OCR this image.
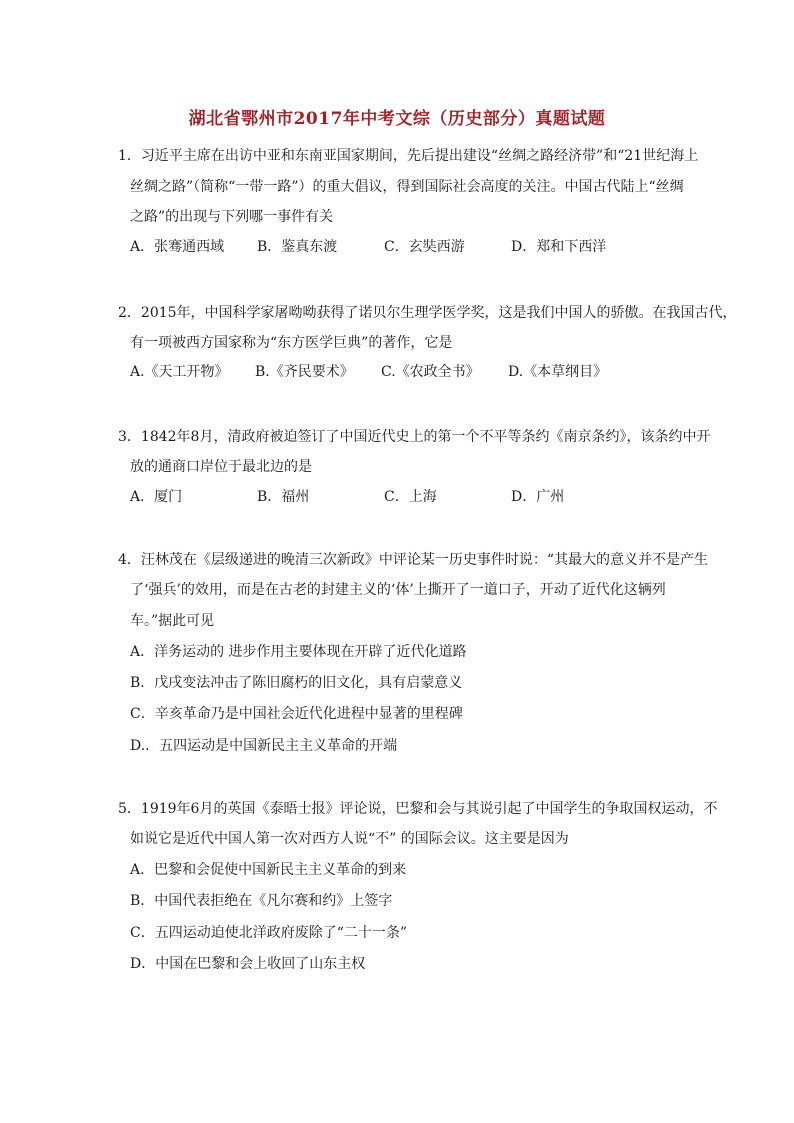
湖北省鄂州市2017年中考文综（历史部分）真题试题
1．习近平主席在出访中亚和东南亚国家期间，先后提出建设“丝绸之路经济带”和“21世纪海上
丝绸之路”（简称“一带一路”）的重大倡议，得到国际社会高度的关注。中国古代陆上“丝绸
之路”的出现与下列哪一事件有关
A．张骞通西域 B．鉴真东渡	C．玄奘西游	D．郑和下西洋
2．2015年，中国科学家屠呦呦获得了诺贝尔生理学医学奖，这是我们中国人的骄傲。在我国古代，
有一项被西方国家称为“东方医学巨典”的著作，它是
A.《天工开物》 B.《齐民要术》 C.《农政全书》 D.《本草纲目》
3．1842年8月，清政府被迫签订了中国近代史上的第一个不平等条约《南京条约》，该条约中开
放的通商口岸位于最北边的是
A．厦门	B．福州	C．上海	D．广州
4．汪林茂在《层级递进的晚清三次新政》中评论某一历史事件时说：“其最大的意义并不是产生
了‘强兵’的效用，而是在古老的封建主义的‘体’上撕开了一道口子，开动了近代化这辆列
车。”据此可见
A．洋务运动的 进步作用主要体现在开辟了近代化道路
B．戊戌变法冲击了陈旧腐朽的旧文化，具有启蒙意义
C．辛亥革命乃是中国社会近代化进程中显著的里程碑
D.．五四运动是中国新民主主义革命的开端
5．1919年6月的英国《泰晤士报》评论说，巴黎和会与其说引起了中国学生的争取国权运动，不
如说它是近代中国人第一次对西方人说“不” 的国际会议。这主要是因为
A．巴黎和会促使中国新民主主义革命的到来
B．中国代表拒绝在《凡尔赛和约》上签字
C．五四运动迫使北洋政府废除了“二十一条”
D．中国在巴黎和会上收回了山东主权
